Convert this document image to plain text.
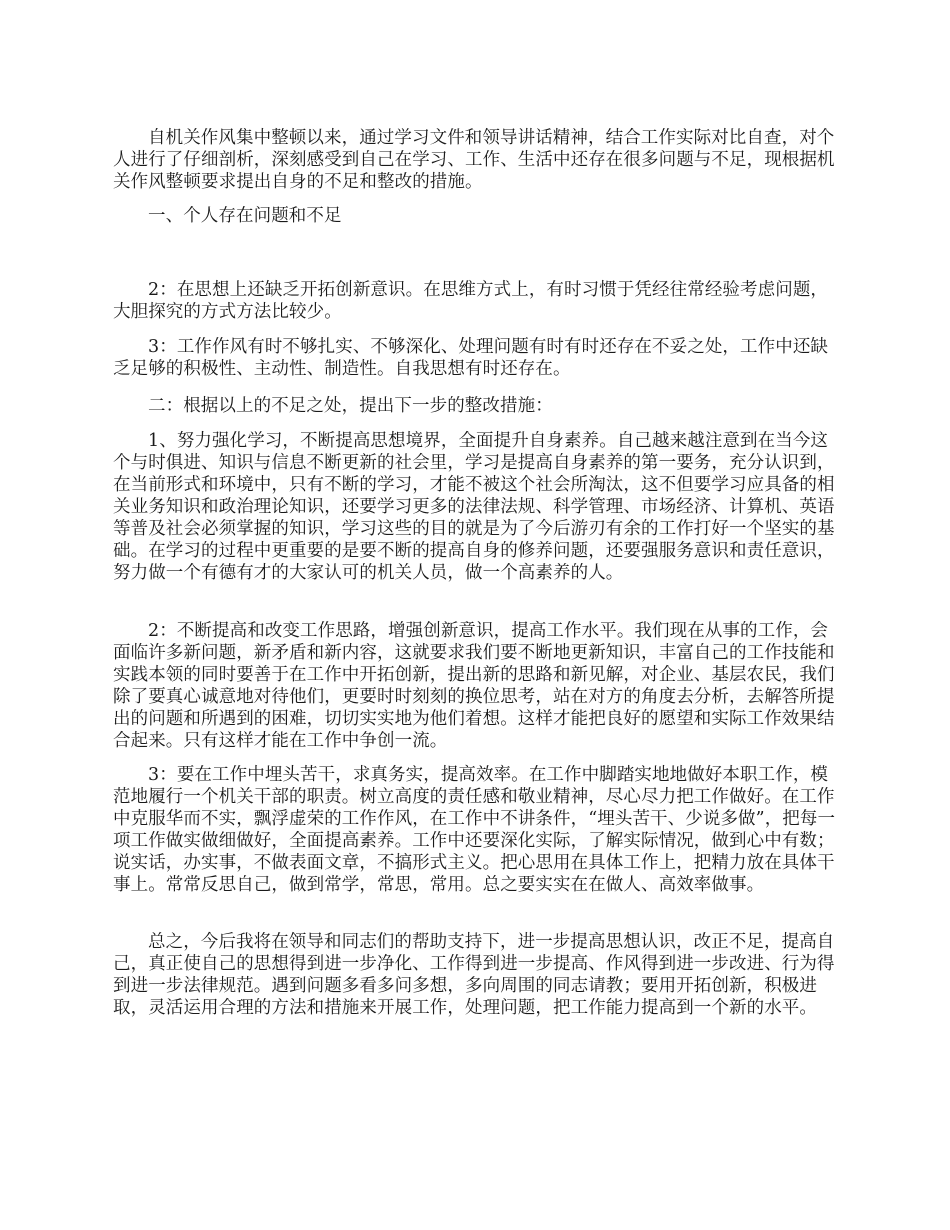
自机关作风集中整顿以来，通过学习文件和领导讲话精神，结合工作实际对比自查，对个人进行了仔细剖析，深刻感受到自己在学习、工作、生活中还存在很多问题与不足，现根据机关作风整顿要求提出自身的不足和整改的措施。

一、个人存在问题和不足

2：在思想上还缺乏开拓创新意识。在思维方式上，有时习惯于凭经往常经验考虑问题，大胆探究的方式方法比较少。

3：工作作风有时不够扎实、不够深化、处理问题有时有时还存在不妥之处，工作中还缺乏足够的积极性、主动性、制造性。自我思想有时还存在。

二：根据以上的不足之处，提出下一步的整改措施：

1、努力强化学习，不断提高思想境界，全面提升自身素养。自己越来越注意到在当今这个与时俱进、知识与信息不断更新的社会里，学习是提高自身素养的第一要务，充分认识到，在当前形式和环境中，只有不断的学习，才能不被这个社会所淘汰，这不但要学习应具备的相关业务知识和政治理论知识，还要学习更多的法律法规、科学管理、市场经济、计算机、英语等普及社会必须掌握的知识，学习这些的目的就是为了今后游刃有余的工作打好一个坚实的基础。在学习的过程中更重要的是要不断的提高自身的修养问题，还要强服务意识和责任意识，努力做一个有德有才的大家认可的机关人员，做一个高素养的人。

2：不断提高和改变工作思路，增强创新意识，提高工作水平。我们现在从事的工作，会面临许多新问题，新矛盾和新内容，这就要求我们要不断地更新知识，丰富自己的工作技能和实践本领的同时要善于在工作中开拓创新，提出新的思路和新见解，对企业、基层农民，我们除了要真心诚意地对待他们，更要时时刻刻的换位思考，站在对方的角度去分析，去解答所提出的问题和所遇到的困难，切切实实地为他们着想。这样才能把良好的愿望和实际工作效果结合起来。只有这样才能在工作中争创一流。

3：要在工作中埋头苦干，求真务实，提高效率。在工作中脚踏实地地做好本职工作，模范地履行一个机关干部的职责。树立高度的责任感和敬业精神，尽心尽力把工作做好。在工作中克服华而不实，飘浮虚荣的工作作风，在工作中不讲条件，“埋头苦干、少说多做”，把每一项工作做实做细做好，全面提高素养。工作中还要深化实际，了解实际情况，做到心中有数；说实话，办实事，不做表面文章，不搞形式主义。把心思用在具体工作上，把精力放在具体干事上。常常反思自己，做到常学，常思，常用。总之要实实在在做人、高效率做事。

总之，今后我将在领导和同志们的帮助支持下，进一步提高思想认识，改正不足，提高自己，真正使自己的思想得到进一步净化、工作得到进一步提高、作风得到进一步改进、行为得到进一步法律规范。遇到问题多看多问多想，多向周围的同志请教；要用开拓创新，积极进取，灵活运用合理的方法和措施来开展工作，处理问题，把工作能力提高到一个新的水平。
